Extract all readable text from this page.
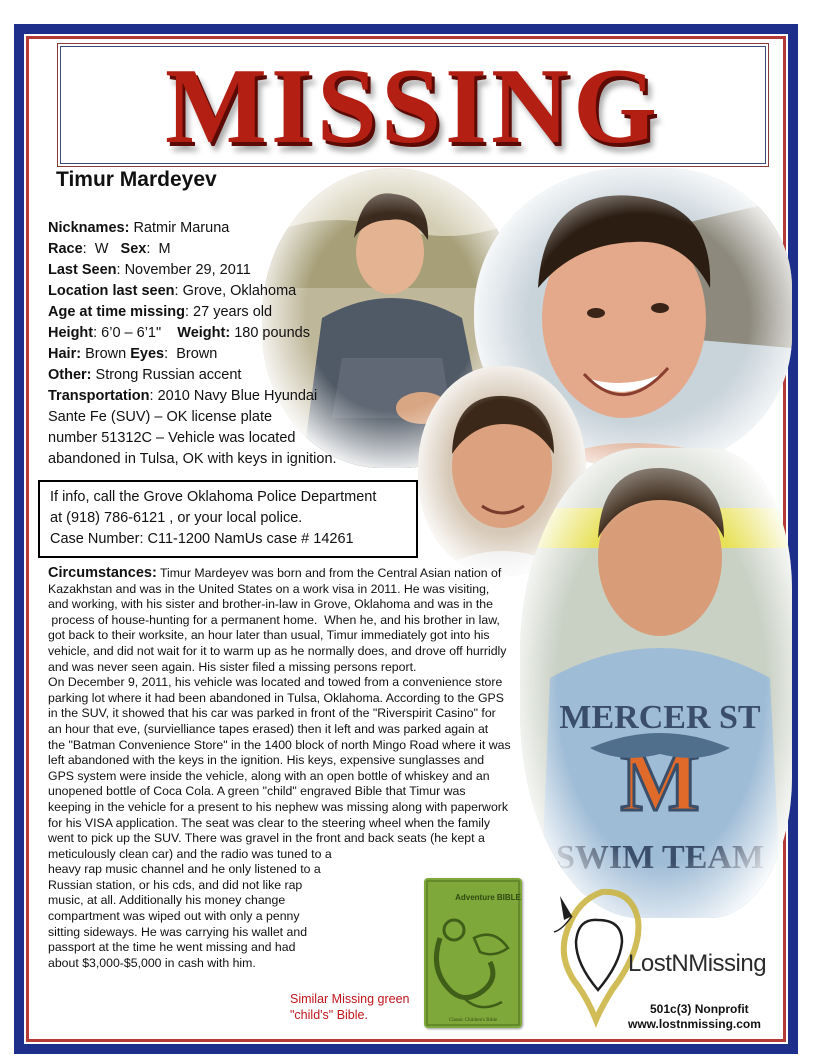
MISSING
Timur Mardeyev
Nicknames: Ratmir Maruna
Race:  W Sex:  M
Last Seen: November 29, 2011
Location last seen: Grove, Oklahoma
Age at time missing: 27 years old
Height: 6’0 – 6’1" Weight: 180 pounds
Hair: Brown Eyes:  Brown
Other: Strong Russian accent
Transportation: 2010 Navy Blue Hyundai
Sante Fe (SUV) – OK license plate
number 51312C – Vehicle was located
abandoned in Tulsa, OK with keys in ignition.
If info, call the Grove Oklahoma Police Department
at (918) 786-6121 , or your local police.
Case Number: C11-1200 NamUs case # 14261
Circumstances: Timur Mardeyev was born and from the Central Asian nation of
Kazakhstan and was in the United States on a work visa in 2011. He was visiting,
and working, with his sister and brother-in-law in Grove, Oklahoma and was in the
process of house-hunting for a permanent home.  When he, and his brother in law,
got back to their worksite, an hour later than usual, Timur immediately got into his
vehicle, and did not wait for it to warm up as he normally does, and drove off hurridly
and was never seen again. His sister filed a missing persons report.
On December 9, 2011, his vehicle was located and towed from a convenience store
parking lot where it had been abandoned in Tulsa, Oklahoma. According to the GPS
in the SUV, it showed that his car was parked in front of the "Riverspirit Casino" for
an hour that eve, (survielliance tapes erased) then it left and was parked again at
the "Batman Convenience Store" in the 1400 block of north Mingo Road where it was
left abandoned with the keys in the ignition. His keys, expensive sunglasses and
GPS system were inside the vehicle, along with an open bottle of whiskey and an
unopened bottle of Coca Cola. A green "child" engraved Bible that Timur was
keeping in the vehicle for a present to his nephew was missing along with paperwork
for his VISA application. The seat was clear to the steering wheel when the family
went to pick up the SUV. There was gravel in the front and back seats (he kept a
meticulously clean car) and the radio was tuned to a
heavy rap music channel and he only listened to a
Russian station, or his cds, and did not like rap
music, at all. Additionally his money change
compartment was wiped out with only a penny
sitting sideways. He was carrying his wallet and
passport at the time he went missing and had
about $3,000-$5,000 in cash with him.
Adventure BIBLE
Classic Children's Bible
Similar Missing green
"child's" Bible.
LostNMissing
501c(3) Nonprofit
www.lostnmissing.com
